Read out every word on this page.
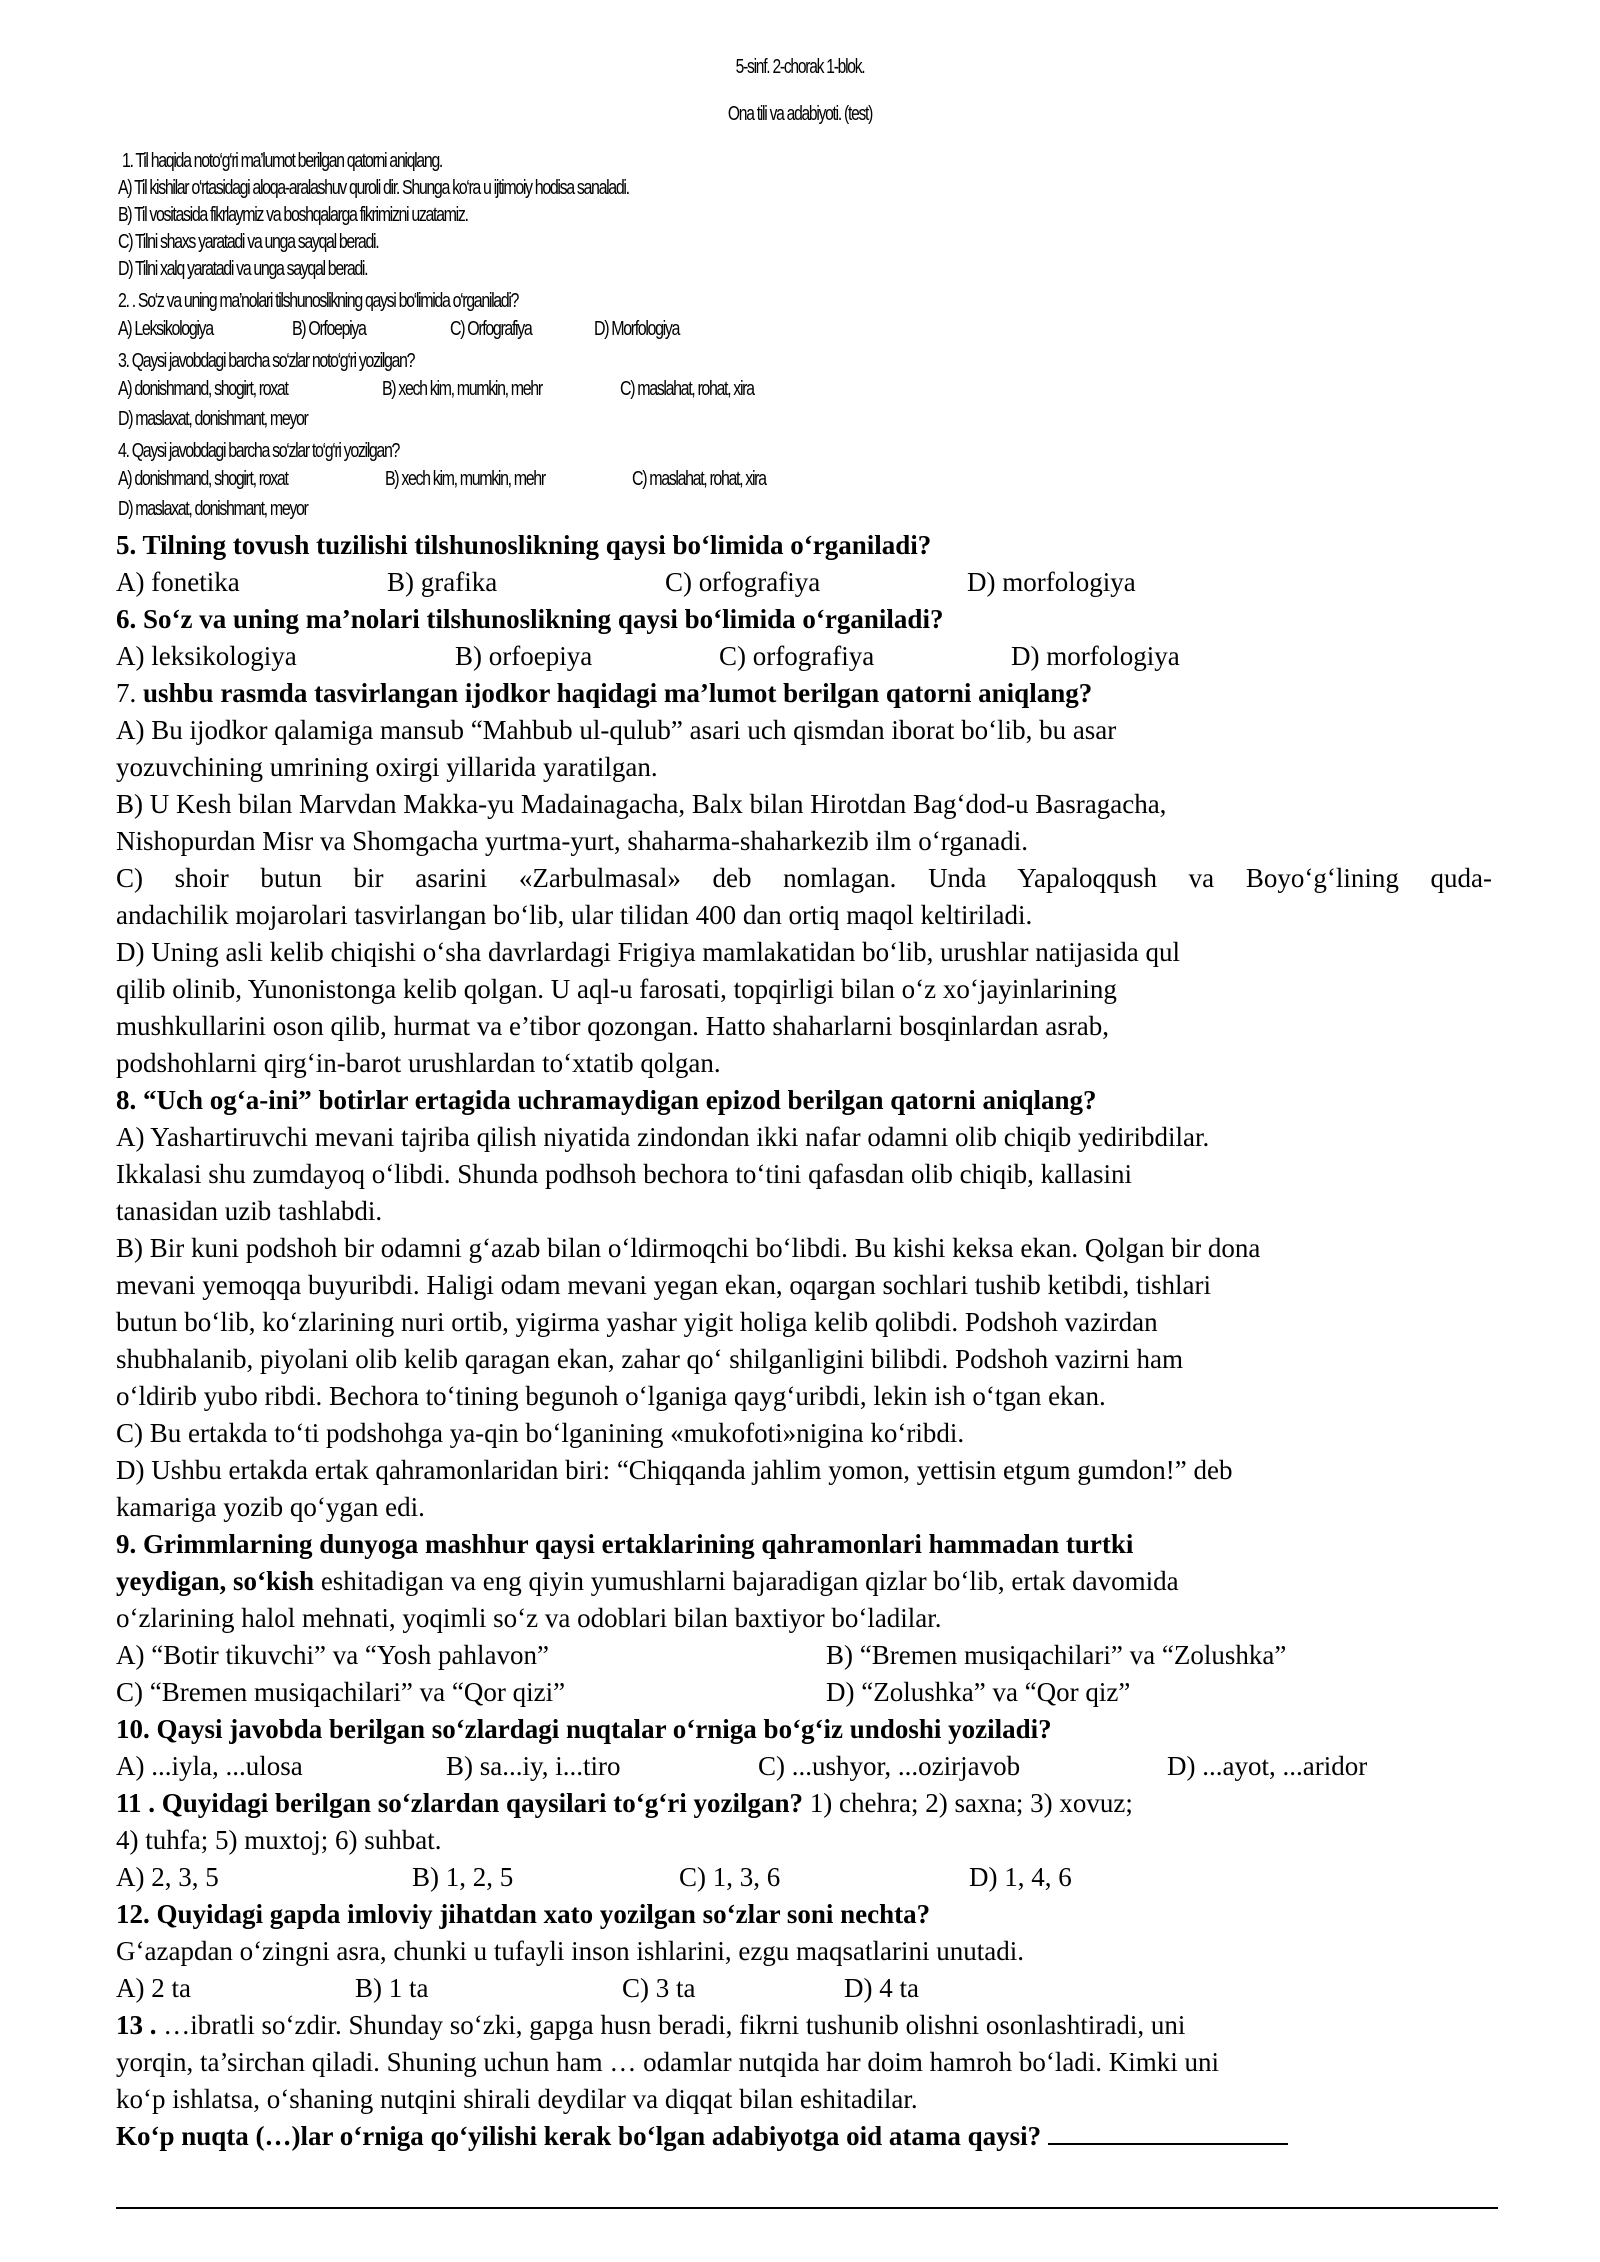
5-sinf. 2-chorak 1-blok.
Ona tili va adabiyoti. (test)
1. Til haqida noto‘g‘ri ma’lumot berilgan qatorni aniqlang.
A) Til kishilar o‘rtasidagi aloqa-aralashuv quroli dir. Shunga ko‘ra u ijtimoiy hodisa sanaladi.
B) Til vositasida fikrlaymiz va boshqalarga fikrimizni uzatamiz.
C) Tilni shaxs yaratadi va unga sayqal beradi.
D) Tilni xalq yaratadi va unga sayqal beradi.
2. . So‘z va uning ma’nolari tilshunoslikning qaysi bo‘limida o‘rganiladi?
A) Leksikologiya	B) Orfoepiya	C) Orfografiya	D) Morfologiya
3. Qaysi javobdagi barcha so‘zlar noto‘g‘ri yozilgan?
A) donishmand, shogirt, roxat	B) xech kim, mumkin, mehr	C) maslahat, rohat, xira
D) maslaxat, donishmant, meyor
4. Qaysi javobdagi barcha so‘zlar to‘g‘ri yozilgan?
A) donishmand, shogirt, roxat	B) xech kim, mumkin, mehr	C) maslahat, rohat, xira
D) maslaxat, donishmant, meyor
5. Tilning tovush tuzilishi tilshunoslikning qaysi bo‘limida o‘rganiladi?
A) fonetika	B) grafika	C) orfografiya	D) morfologiya
6. So‘z va uning ma’nolari tilshunoslikning qaysi bo‘limida o‘rganiladi?
A) leksikologiya	B) orfoepiya	C) orfografiya	D) morfologiya
7. ushbu rasmda tasvirlangan ijodkor haqidagi ma’lumot berilgan qatorni aniqlang?
A) Bu ijodkor qalamiga mansub “Mahbub ul-qulub” asari uch qismdan iborat bo‘lib, bu asar
yozuvchining umrining oxirgi yillarida yaratilgan.
B) U Kesh bilan Marvdan Makka-yu Madainagacha, Balx bilan Hirotdan Bag‘dod-u Basragacha,
Nishopurdan Misr va Shomgacha yurtma-yurt, shaharma-shaharkezib ilm o‘rganadi.
C) shoir butun bir asarini «Zarbulmasal» deb nomlagan. Unda Yapaloqqush va Boyo‘g‘lining quda-
andachilik mojarolari tasvirlangan bo‘lib, ular tilidan 400 dan ortiq maqol keltiriladi.
D) Uning asli kelib chiqishi o‘sha davrlardagi Frigiya mamlakatidan bo‘lib, urushlar natijasida qul
qilib olinib, Yunonistonga kelib qolgan. U aql-u farosati, topqirligi bilan o‘z xo‘jayinlarining
mushkullarini oson qilib, hurmat va e’tibor qozongan. Hatto shaharlarni bosqinlardan asrab,
podshohlarni qirg‘in-barot urushlardan to‘xtatib qolgan.
8. “Uch og‘a-ini” botirlar ertagida uchramaydigan epizod berilgan qatorni aniqlang?
A) Yashartiruvchi mevani tajriba qilish niyatida zindondan ikki nafar odamni olib chiqib yediribdilar.
Ikkalasi shu zumdayoq o‘libdi. Shunda podhsoh bechora to‘tini qafasdan olib chiqib, kallasini
tanasidan uzib tashlabdi.
B) Bir kuni podshoh bir odamni g‘azab bilan o‘ldirmoqchi bo‘libdi. Bu kishi keksa ekan. Qolgan bir dona
mevani yemoqqa buyuribdi. Haligi odam mevani yegan ekan, oqargan sochlari tushib ketibdi, tishlari
butun bo‘lib, ko‘zlarining nuri ortib, yigirma yashar yigit holiga kelib qolibdi. Podshoh vazirdan
shubhalanib, piyolani olib kelib qaragan ekan, zahar qo‘ shilganligini bilibdi. Podshoh vazirni ham
o‘ldirib yubo ribdi. Bechora to‘tining begunoh o‘lganiga qayg‘uribdi, lekin ish o‘tgan ekan.
C) Bu ertakda to‘ti podshohga ya-qin bo‘lganining «mukofoti»nigina ko‘ribdi.
D) Ushbu ertakda ertak qahramonlaridan biri: “Chiqqanda jahlim yomon, yettisin etgum gumdon!” deb
kamariga yozib qo‘ygan edi.
9. Grimmlarning dunyoga mashhur qaysi ertaklarining qahramonlari hammadan turtki
yeydigan, so‘kish eshitadigan va eng qiyin yumushlarni bajaradigan qizlar bo‘lib, ertak davomida
o‘zlarining halol mehnati, yoqimli so‘z va odoblari bilan baxtiyor bo‘ladilar.
A) “Botir tikuvchi” va “Yosh pahlavon”	B) “Bremen musiqachilari” va “Zolushka”
C) “Bremen musiqachilari” va “Qor qizi”	D) “Zolushka” va “Qor qiz”
10. Qaysi javobda berilgan so‘zlardagi nuqtalar o‘rniga bo‘g‘iz undoshi yoziladi?
A) ...iyla, ...ulosa	B) sa...iy, i...tiro	C) ...ushyor, ...ozirjavob	D) ...ayot, ...aridor
11 . Quyidagi berilgan so‘zlardan qaysilari to‘g‘ri yozilgan? 1) chehra; 2) saxna; 3) xovuz;
4) tuhfa; 5) muxtoj; 6) suhbat.
A) 2, 3, 5	B) 1, 2, 5	C) 1, 3, 6	D) 1, 4, 6
12. Quyidagi gapda imloviy jihatdan xato yozilgan so‘zlar soni nechta?
G‘azapdan o‘zingni asra, chunki u tufayli inson ishlarini, ezgu maqsatlarini unutadi.
A) 2 ta	B) 1 ta	C) 3 ta	D) 4 ta
13 . …ibratli so‘zdir. Shunday so‘zki, gapga husn beradi, fikrni tushunib olishni osonlashtiradi, uni
yorqin, ta’sirchan qiladi. Shuning uchun ham … odamlar nutqida har doim hamroh bo‘ladi. Kimki uni
ko‘p ishlatsa, o‘shaning nutqini shirali deydilar va diqqat bilan eshitadilar.
Ko‘p nuqta (…)lar o‘rniga qo‘yilishi kerak bo‘lgan adabiyotga oid atama qaysi?
